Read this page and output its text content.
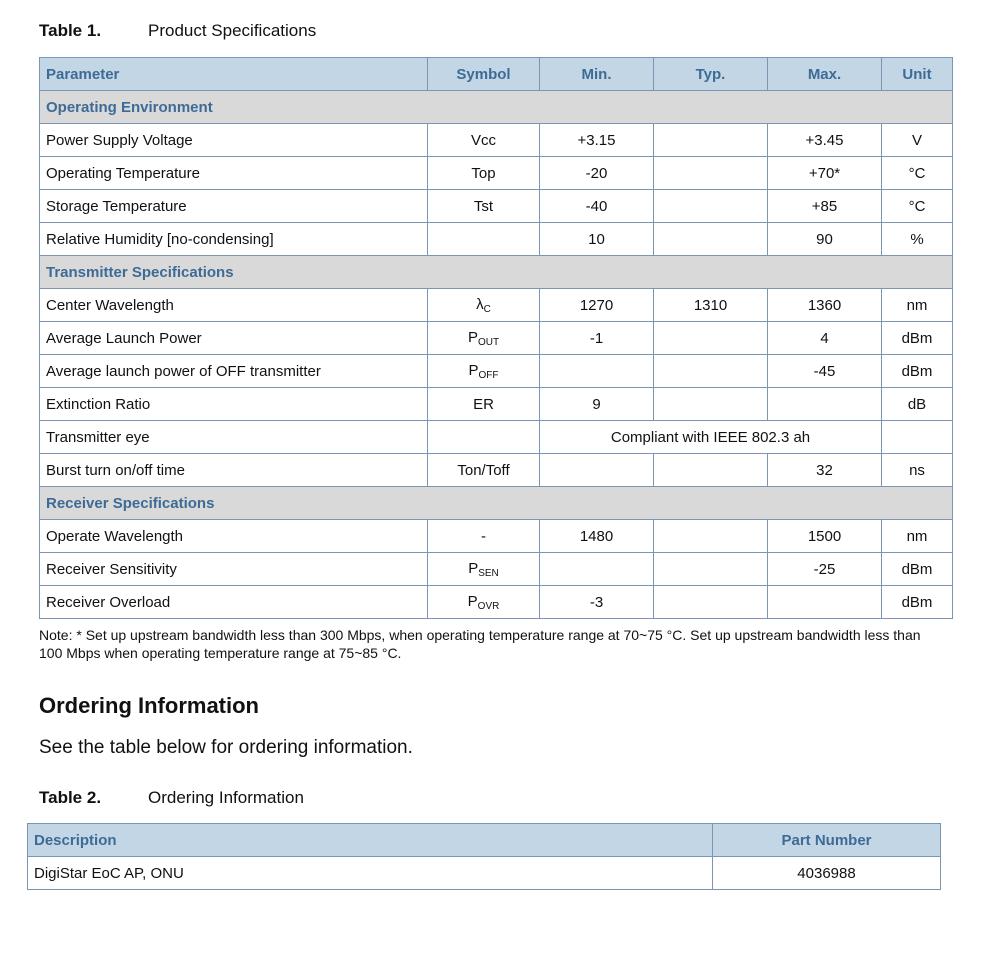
Table 1.	Product Specifications
Parameter	Symbol	Min.	Typ.	Max.	Unit
Operating Environment					
Power Supply Voltage	Vcc	+3.15		+3.45	V
Operating Temperature	Top	-20		+70*	°C
Storage Temperature	Tst	-40		+85	°C
Relative Humidity [no-condensing]		10		90	%
Transmitter Specifications					
Center Wavelength	$\lambda_C$	1270	1310	1360	nm
Average Launch Power	$P_{OUT}$	-1		4	dBm
Average launch power of OFF transmitter	$P_{OFF}$			-45	dBm
Extinction Ratio	ER	9			dB
Transmitter eye		Compliant with IEEE 802.3 ah			
Burst turn on/off time	Ton/Toff			32	ns
Receiver Specifications					
Operate Wavelength	-	1480		1500	nm
Receiver Sensitivity	$P_{SEN}$			-25	dBm
Receiver Overload	$P_{OVR}$	-3			dBm
Note: * Set up upstream bandwidth less than 300 Mbps, when operating temperature range at 70~75 °C. Set up upstream bandwidth less than 100 Mbps when operating temperature range at 75~85 °C.
Ordering Information
See the table below for ordering information.
Table 2.	Ordering Information
Description	Part Number
DigiStar EoC AP, ONU	4036988
